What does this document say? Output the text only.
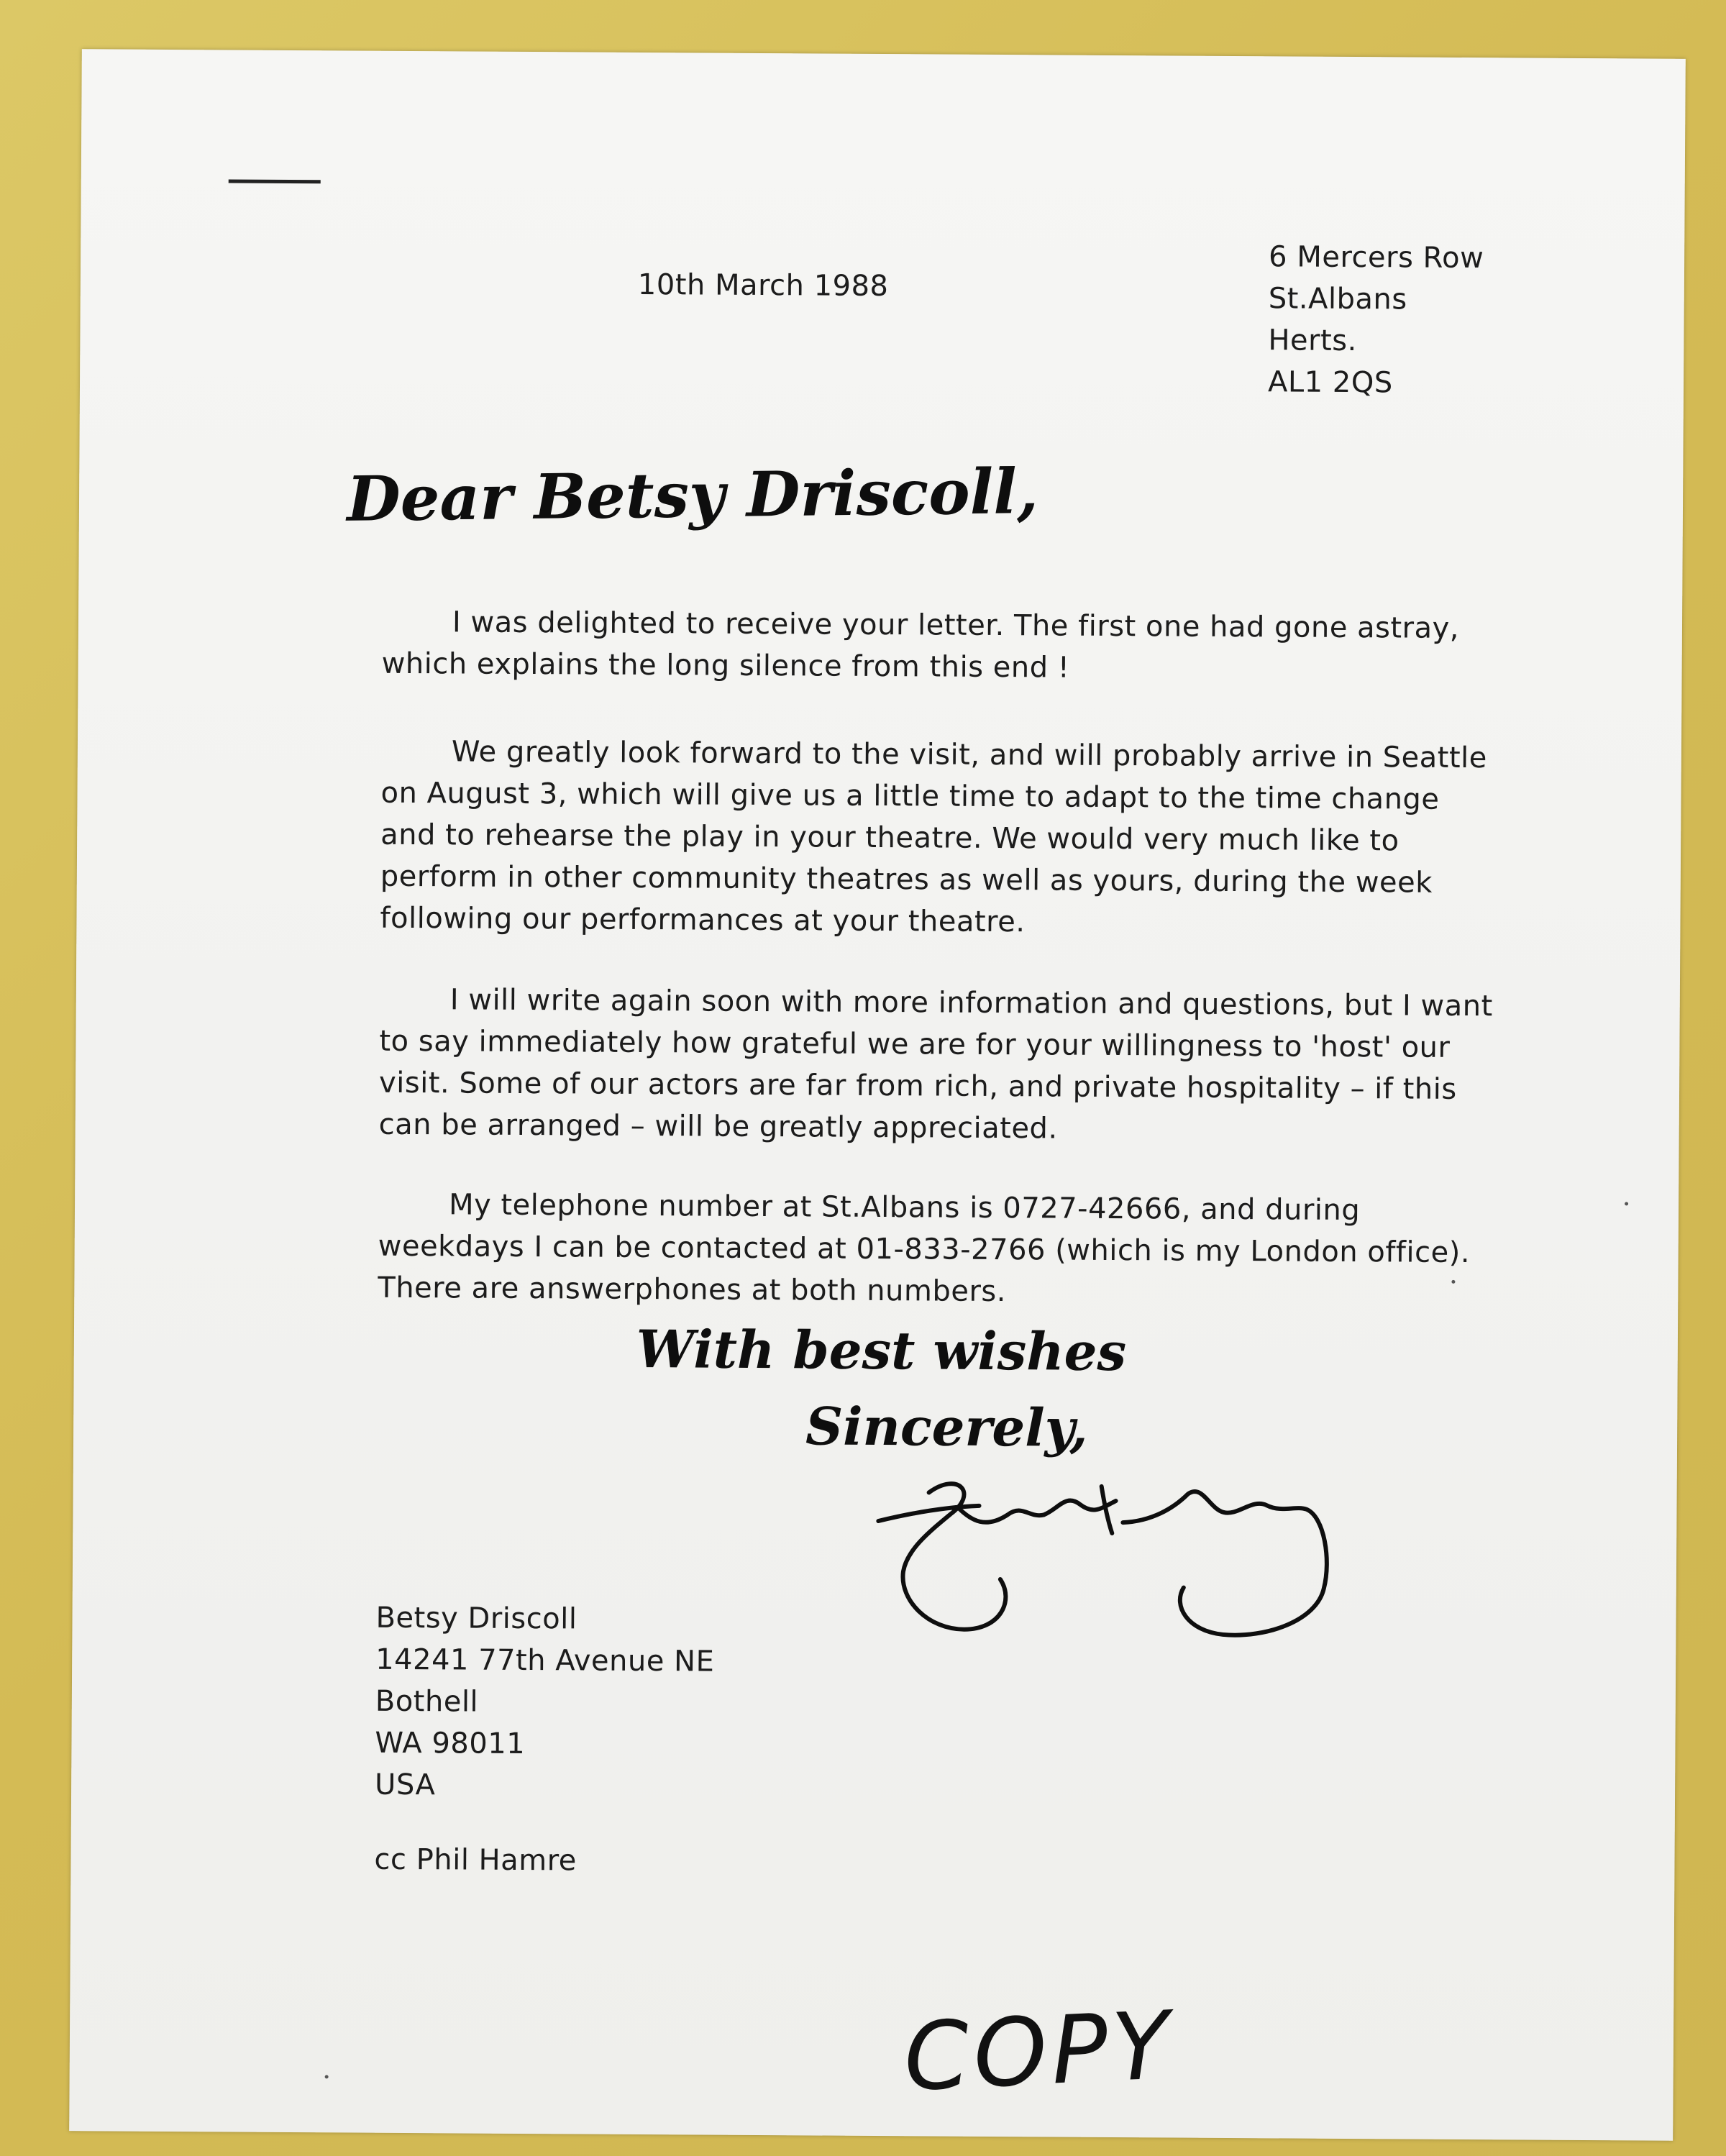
10th March 1988
6 Mercers Row
St.Albans
Herts.
AL1 2QS
Dear Betsy Driscoll,
I was delighted to receive your letter. The first one had gone astray, which explains the long silence from this end !
We greatly look forward to the visit, and will probably arrive in Seattle on August 3, which will give us a little time to adapt to the time change and to rehearse the play in your theatre. We would very much like to perform in other community theatres as well as yours, during the week following our performances at your theatre.
I will write again soon with more information and questions, but I want to say immediately how grateful we are for your willingness to 'host' our visit. Some of our actors are far from rich, and private hospitality – if this can be arranged – will be greatly appreciated.
My telephone number at St.Albans is 0727-42666, and during weekdays I can be contacted at 01-833-2766 (which is my London office). There are answerphones at both numbers.
With best wishes
Sincerely,
Betsy Driscoll
14241 77th Avenue NE
Bothell
WA 98011
USA
cc Phil Hamre
COPY
